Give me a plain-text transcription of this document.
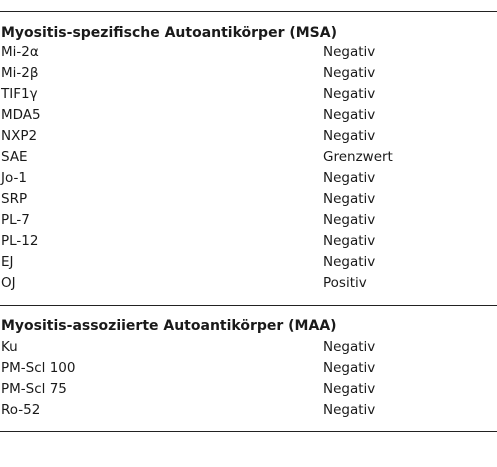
Myositis-spezifische Autoantikörper (MSA)
Mi-2α	Negativ
Mi-2β	Negativ
TIF1γ	Negativ
MDA5	Negativ
NXP2	Negativ
SAE	Grenzwert
Jo-1	Negativ
SRP	Negativ
PL-7	Negativ
PL-12	Negativ
EJ	Negativ
OJ	Positiv
Myositis-assoziierte Autoantikörper (MAA)
Ku	Negativ
PM-Scl 100	Negativ
PM-Scl 75	Negativ
Ro-52	Negativ
